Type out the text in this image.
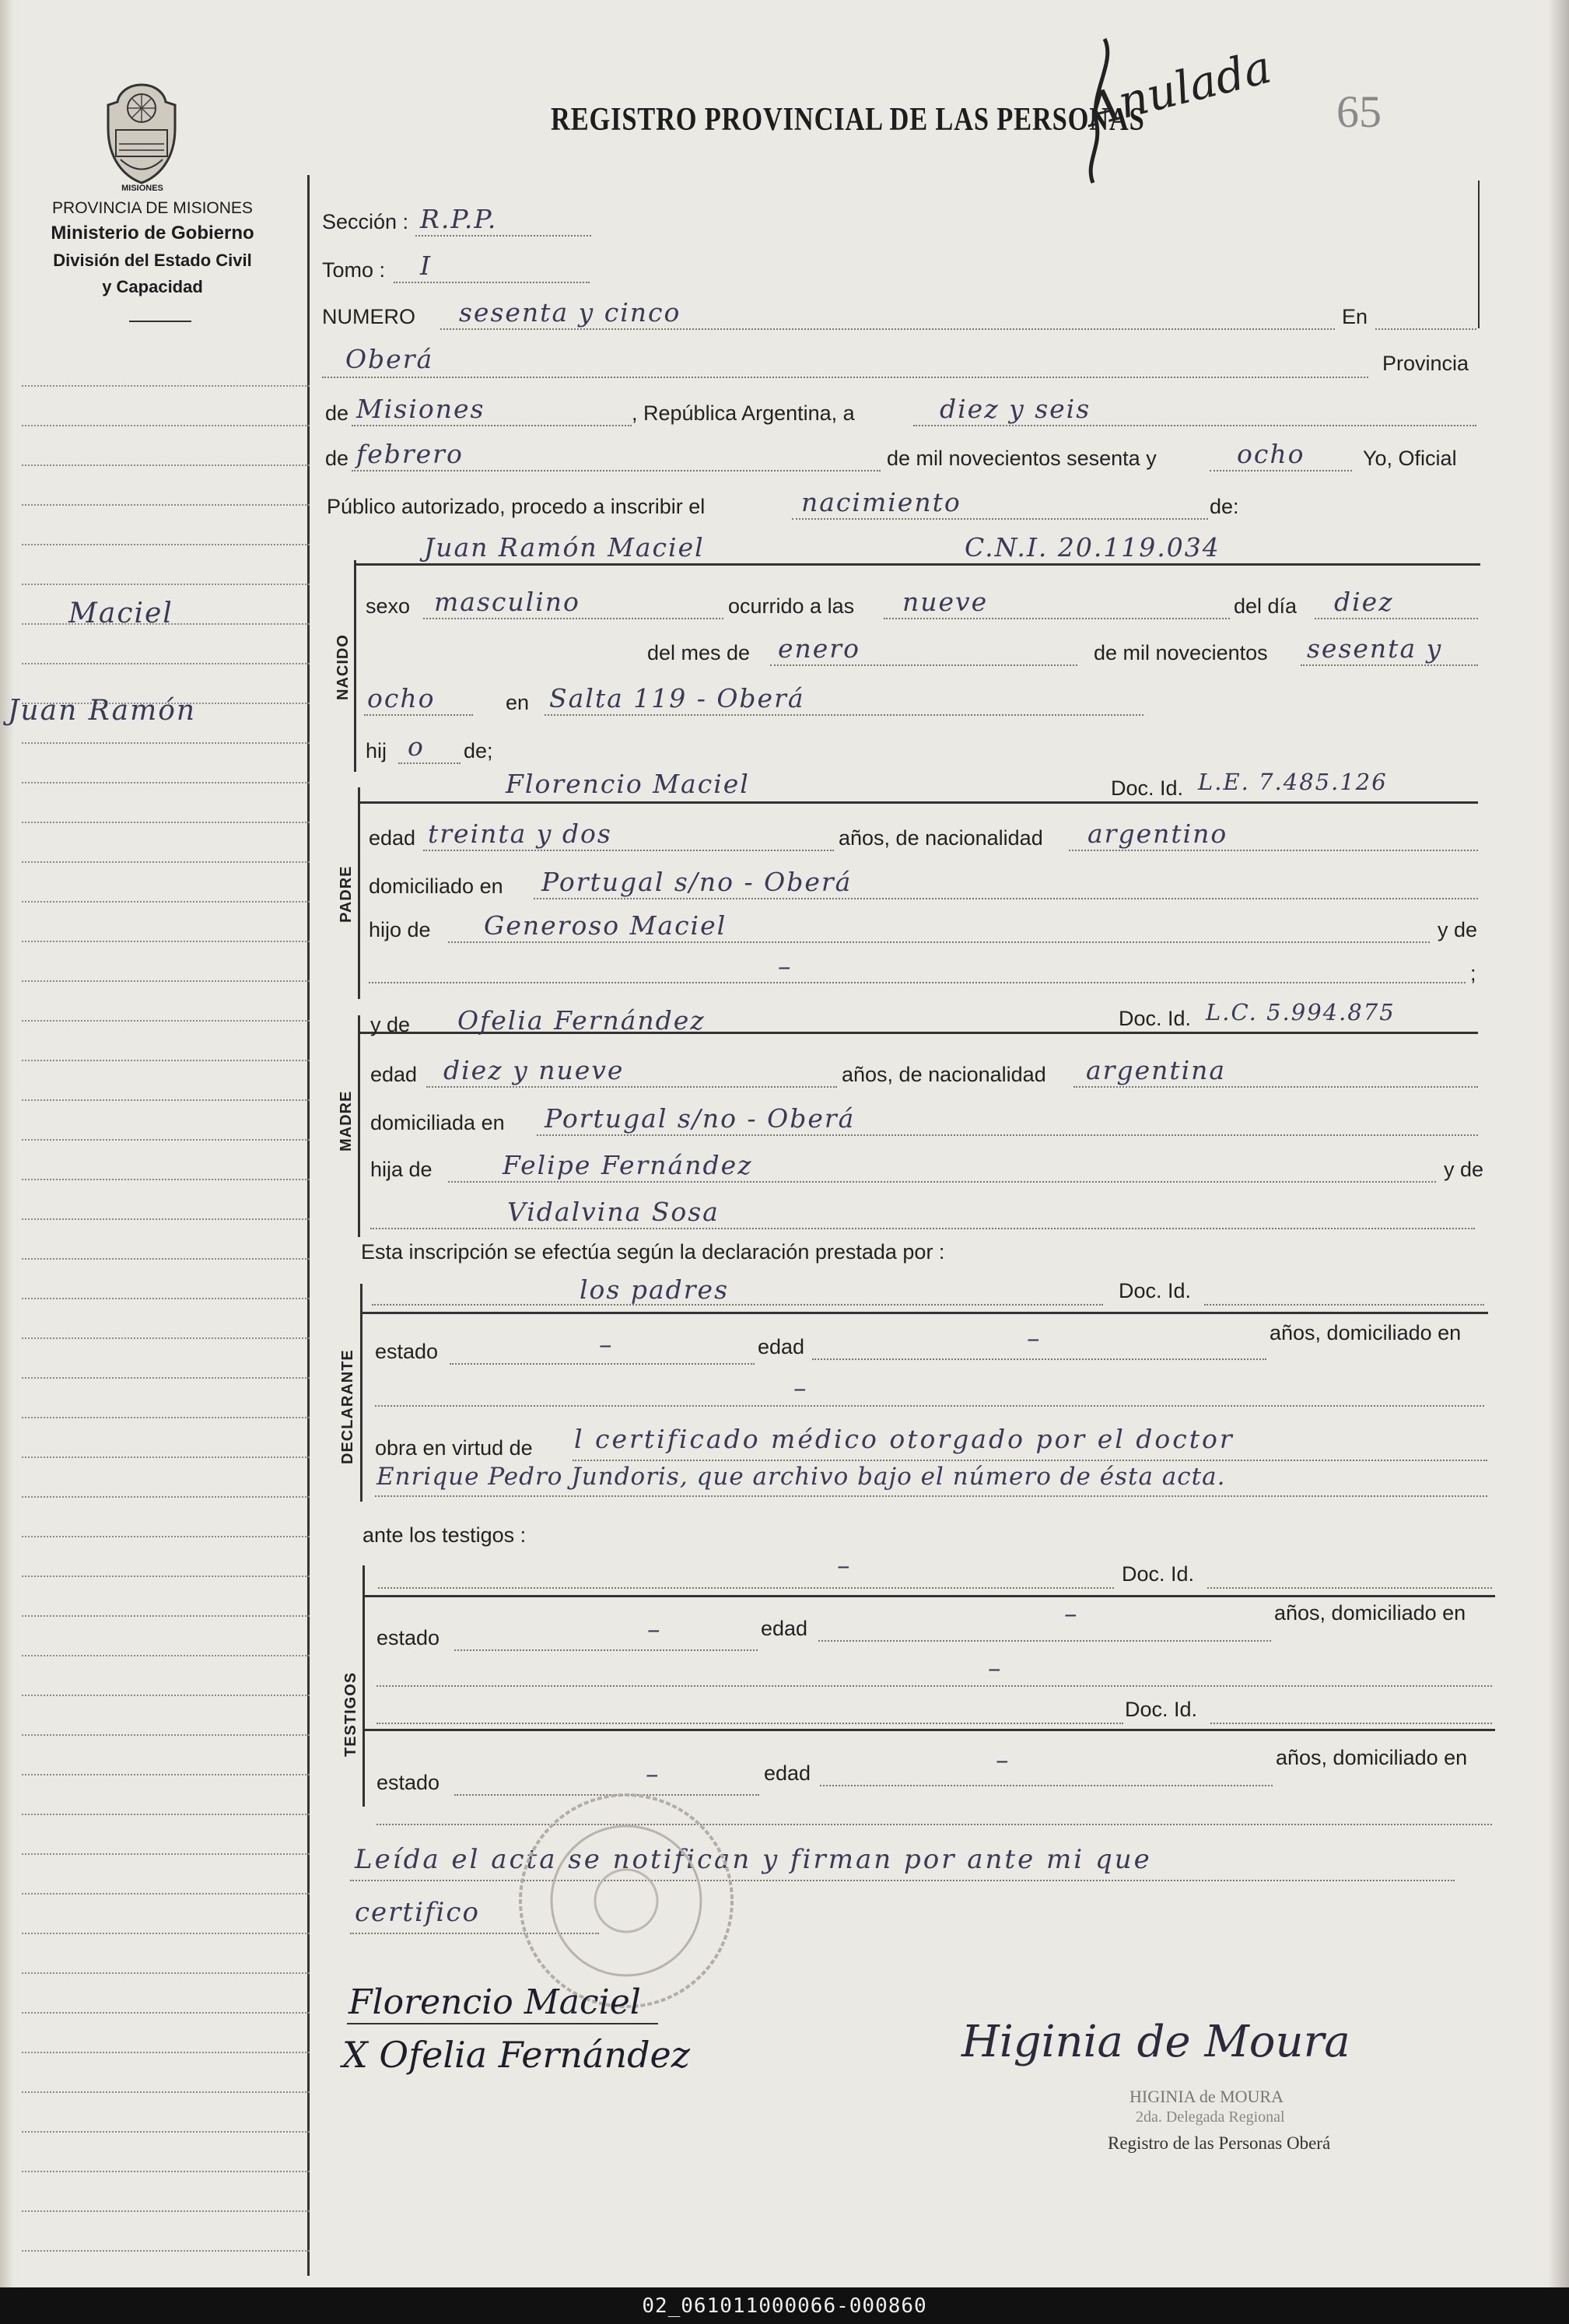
MISIONES
PROVINCIA DE MISIONES
Ministerio de Gobierno
División del Estado Civil
y Capacidad
REGISTRO PROVINCIAL DE LAS PERSONAS	65
Anulada
Maciel
Juan Ramón
Sección : R.P.P.
Tomo : I
NUMERO sesenta y cinco	En
Oberá	Provincia
de Misiones	, República Argentina, a	diez y seis
de febrero	de mil novecientos sesenta y	ocho	Yo, Oficial
Público autorizado, procedo a inscribir el	nacimiento	de:
NACIDO
Juan Ramón Maciel	C.N.I. 20.119.034
sexo masculino	ocurrido a las nueve	del día diez
del mes de enero	de mil novecientos sesenta y
ocho	en Salta 119 - Oberá
hij o de;
PADRE
Florencio Maciel	Doc. Id. L.E. 7.485.126
edad treinta y dos	años, de nacionalidad argentino
domiciliado en Portugal s/no - Oberá
hijo de Generoso Maciel	y de
–	;
MADRE
y de Ofelia Fernández	Doc. Id. L.C. 5.994.875
edad diez y nueve	años, de nacionalidad argentina
domiciliada en Portugal s/no - Oberá
hija de	Felipe Fernández	y de
Vidalvina Sosa
Esta inscripción se efectúa según la declaración prestada por :
DECLARANTE
los padres	Doc. Id.
estado	–	edad	–	años, domiciliado en
–
obra en virtud de l certificado médico otorgado por el doctor
Enrique Pedro Jundoris, que archivo bajo el número de ésta acta.
ante los testigos :
TESTIGOS
–	Doc. Id.
estado	–	edad	–	años, domiciliado en
–
Doc. Id.
estado	–	edad	–	años, domiciliado en
Leída el acta se notifican y firman por ante mi que
certifico
Florencio Maciel
X Ofelia Fernández	Higinia de Moura
HIGINIA de MOURA
2da. Delegada Regional
Registro de las Personas Oberá
02_061011000066-000860
